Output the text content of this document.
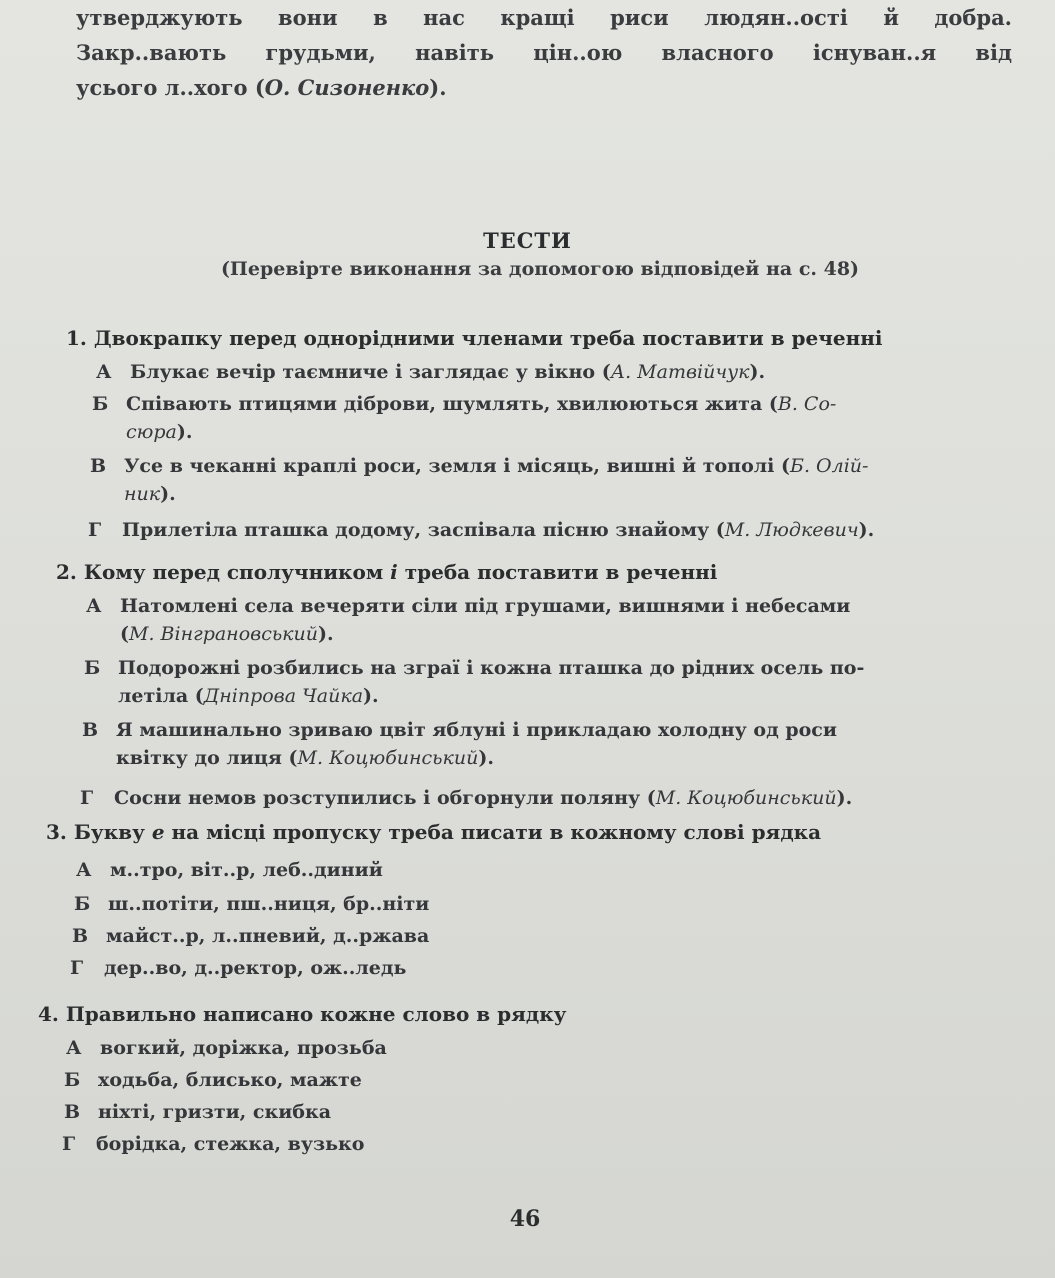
утверджують вони в нас кращі риси людян..ості й добра.
Закр..вають грудьми, навіть цін..ою власного існуван..я від
усього л..хого (О. Сизоненко).
ТЕСТИ
(Перевірте виконання за допомогою відповідей на с. 48)
1. Двокрапку перед однорідними членами треба поставити в реченні
А Блукає вечір таємниче і заглядає у вікно (А. Матвійчук).
Б Співають птицями діброви, шумлять, хвилюються жита (В. Со-
сюра).
В Усе в чеканні краплі роси, земля і місяць, вишні й тополі (Б. Олій-
ник).
Г Прилетіла пташка додому, заспівала пісню знайому (М. Людкевич).
2. Кому перед сполучником і треба поставити в реченні
А Натомлені села вечеряти сіли під грушами, вишнями і небесами
(М. Вінграновський).
Б Подорожні розбились на зграї і кожна пташка до рідних осель по-
летіла (Дніпрова Чайка).
В Я машинально зриваю цвіт яблуні і прикладаю холодну од роси
квітку до лиця (М. Коцюбинський).
Г Сосни немов розступились і обгорнули поляну (М. Коцюбинський).
3. Букву е на місці пропуску треба писати в кожному слові рядка
А м..тро, віт..р, леб..диний
Б ш..потіти, пш..ниця, бр..ніти
В майст..р, л..пневий, д..ржава
Г дер..во, д..ректор, ож..ледь
4. Правильно написано кожне слово в рядку
А вогкий, доріжка, прозьба
Б ходьба, блисько, мажте
В ніхті, гризти, скибка
Г борідка, стежка, вузько
46
